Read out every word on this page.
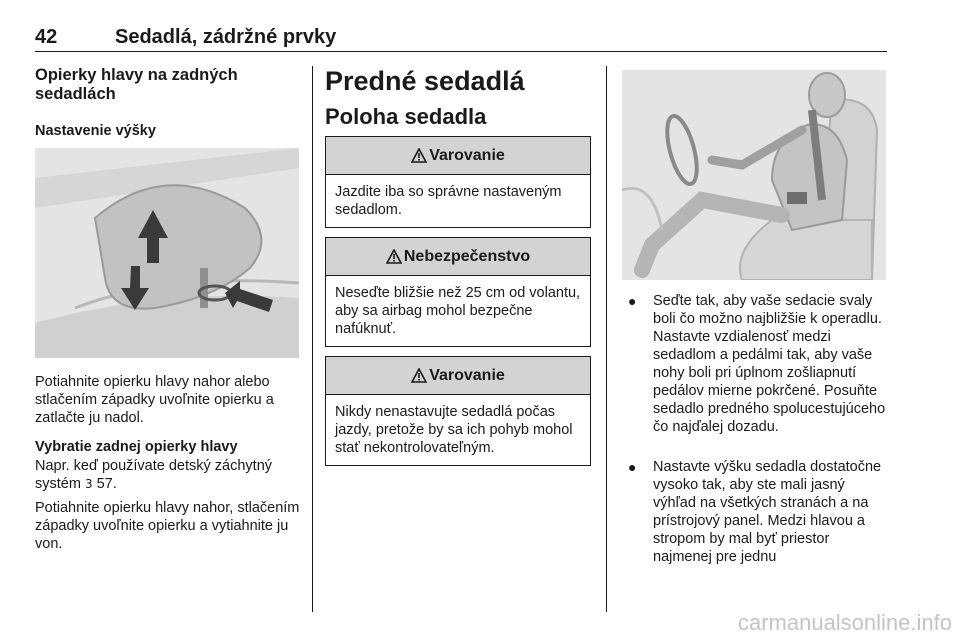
42	Sedadlá, zádržné prvky
Opierky hlavy na zadných sedadlách
Nastavenie výšky
Potiahnite opierku hlavy nahor alebo stlačením západky uvoľnite opierku a zatlačte ju nadol.
Vybratie zadnej opierky hlavy
Napr. keď používate detský záchytný systém 3 57.
Potiahnite opierku hlavy nahor, stlačením západky uvoľnite opierku a vytiahnite ju von.
Predné sedadlá
Poloha sedadla
Varovanie
Jazdite iba so správne nastaveným sedadlom.
Nebezpečenstvo
Neseďte bližšie než 25 cm od volantu, aby sa airbag mohol bezpečne nafúknuť.
Varovanie
Nikdy nenastavujte sedadlá počas jazdy, pretože by sa ich pohyb mohol stať nekontrolovateľným.
● Seďte tak, aby vaše sedacie svaly boli čo možno najbližšie k operadlu. Nastavte vzdialenosť medzi sedadlom a pedálmi tak, aby vaše nohy boli pri úplnom zošliapnutí pedálov mierne pokrčené. Posuňte sedadlo predného spolucestujúceho čo najďalej dozadu.
● Nastavte výšku sedadla dostatočne vysoko tak, aby ste mali jasný výhľad na všetkých stranách a na prístrojový panel. Medzi hlavou a stropom by mal byť priestor najmenej pre jednu
carmanualsonline.info
